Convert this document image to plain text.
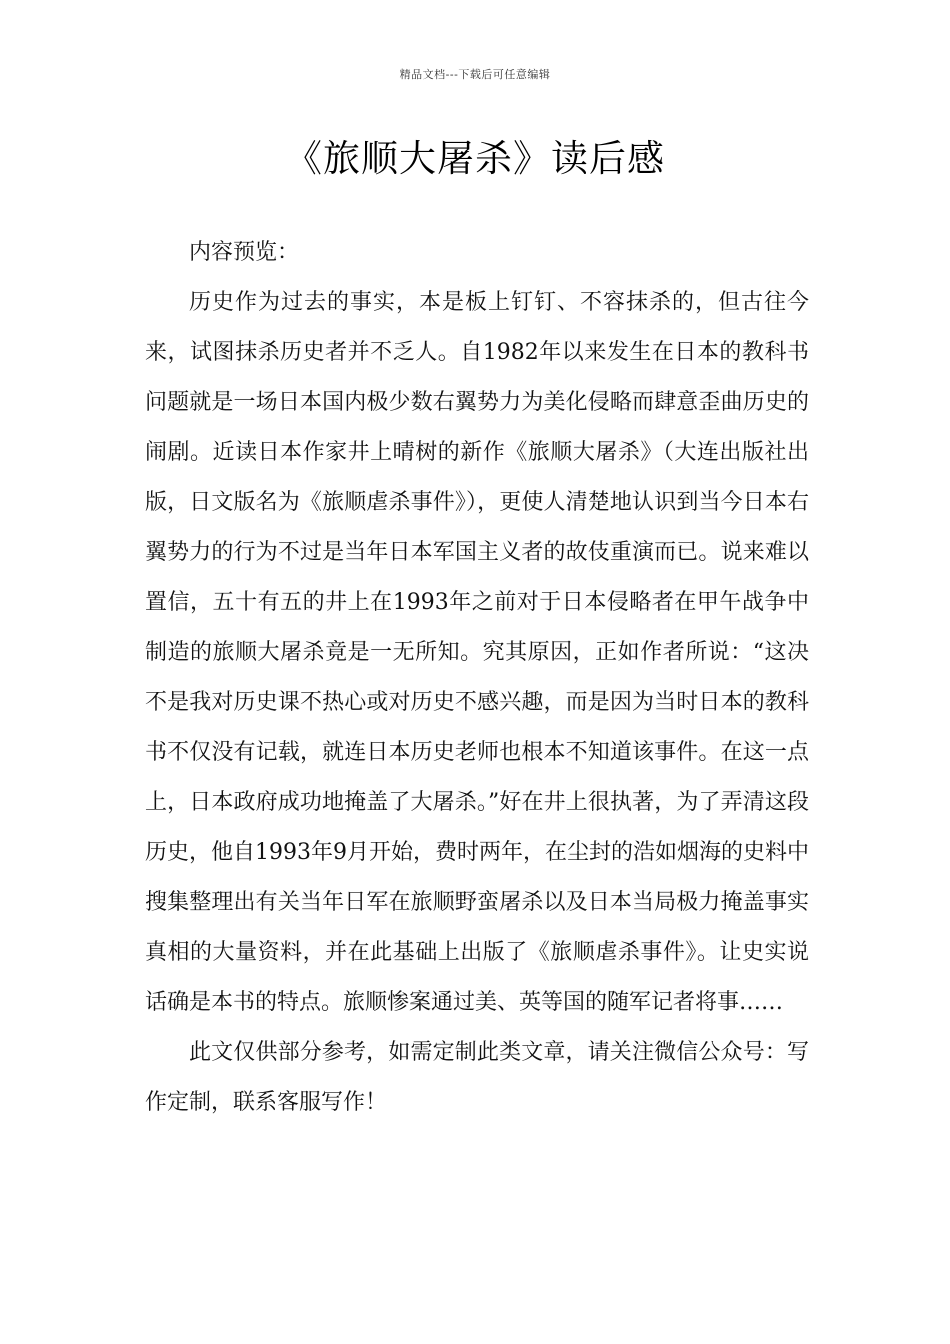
精品文档---下载后可任意编辑
《旅顺大屠杀》读后感

内容预览：

历史作为过去的事实，本是板上钉钉、不容抹杀的，但古往今来，试图抹杀历史者并不乏人。自1982年以来发生在日本的教科书问题就是一场日本国内极少数右翼势力为美化侵略而肆意歪曲历史的闹剧。近读日本作家井上晴树的新作《旅顺大屠杀》（大连出版社出版，日文版名为《旅顺虐杀事件》），更使人清楚地认识到当今日本右翼势力的行为不过是当年日本军国主义者的故伎重演而已。说来难以置信，五十有五的井上在1993年之前对于日本侵略者在甲午战争中制造的旅顺大屠杀竟是一无所知。究其原因，正如作者所说：“这决不是我对历史课不热心或对历史不感兴趣，而是因为当时日本的教科书不仅没有记载，就连日本历史老师也根本不知道该事件。在这一点上，日本政府成功地掩盖了大屠杀。”好在井上很执著，为了弄清这段历史，他自1993年9月开始，费时两年，在尘封的浩如烟海的史料中搜集整理出有关当年日军在旅顺野蛮屠杀以及日本当局极力掩盖事实真相的大量资料，并在此基础上出版了《旅顺虐杀事件》。让史实说话确是本书的特点。旅顺惨案通过美、英等国的随军记者将事……

此文仅供部分参考，如需定制此类文章，请关注微信公众号：写作定制，联系客服写作！
